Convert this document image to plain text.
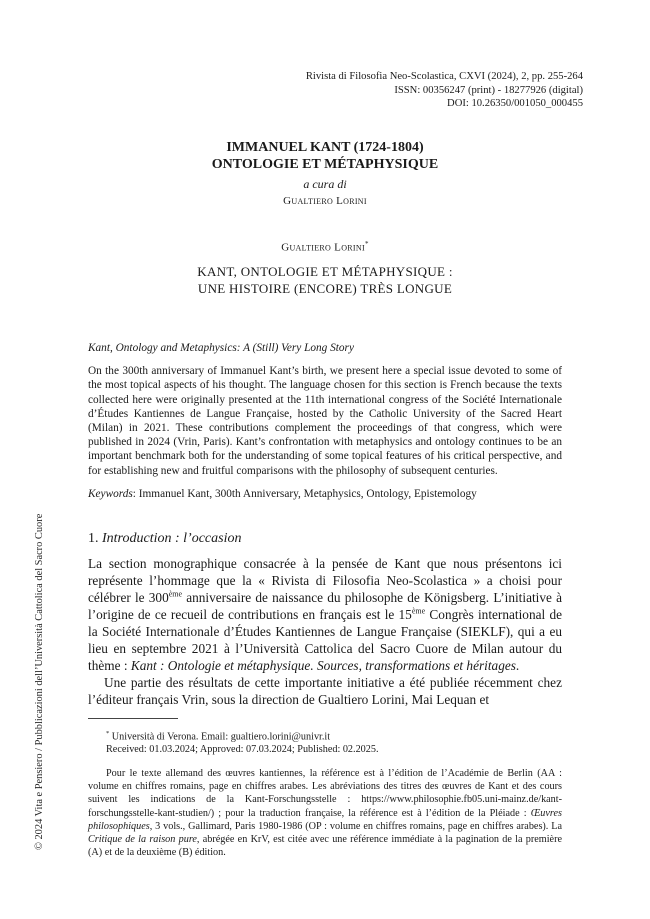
Rivista di Filosofia Neo-Scolastica, CXVI (2024), 2, pp. 255-264
ISSN: 00356247 (print) - 18277926 (digital)
DOI: 10.26350/001050_000455
IMMANUEL KANT (1724-1804)
ONTOLOGIE ET MÉTAPHYSIQUE
a cura di
Gualtiero Lorini
Gualtiero Lorini*
KANT, ONTOLOGIE ET MÉTAPHYSIQUE :
UNE HISTOIRE (ENCORE) TRÈS LONGUE
Kant, Ontology and Metaphysics: A (Still) Very Long Story
On the 300th anniversary of Immanuel Kant’s birth, we present here a special issue devoted to some of the most topical aspects of his thought. The language chosen for this section is French because the texts collected here were originally presented at the 11th international congress of the Société Internationale d’Études Kantiennes de Langue Française, hosted by the Catholic University of the Sacred Heart (Milan) in 2021. These contributions complement the proceedings of that congress, which were published in 2024 (Vrin, Paris). Kant’s confrontation with metaphysics and ontology continues to be an important benchmark both for the understanding of some topical features of his critical perspective, and for establishing new and fruitful comparisons with the philosophy of subsequent centuries.
Keywords: Immanuel Kant, 300th Anniversary, Metaphysics, Ontology, Epistemology
1. Introduction : l’occasion

La section monographique consacrée à la pensée de Kant que nous présentons ici représente l’hommage que la « Rivista di Filosofia Neo-Scolastica » a choisi pour célébrer le 300ème anniversaire de naissance du philosophe de Königsberg. L’initiative à l’origine de ce recueil de contributions en français est le 15ème Congrès international de la Société Internationale d’Études Kantiennes de Langue Française (SIEKLF), qui a eu lieu en septembre 2021 à l’Università Cattolica del Sacro Cuore de Milan autour du thème : Kant : Ontologie et métaphysique. Sources, transformations et héritages.

Une partie des résultats de cette importante initiative a été publiée récemment chez l’éditeur français Vrin, sous la direction de Gualtiero Lorini, Mai Lequan et

* Università di Verona. Email: gualtiero.lorini@univr.it
Received: 01.03.2024; Approved: 07.03.2024; Published: 02.2025.
Pour le texte allemand des œuvres kantiennes, la référence est à l’édition de l’Académie de Berlin (AA : volume en chiffres romains, page en chiffres arabes. Les abréviations des titres des œuvres de Kant et des cours suivent les indications de la Kant-Forschungsstelle : https://www.philosophie.fb05.uni-mainz.de/kant-forschungsstelle-kant-studien/) ; pour la traduction française, la référence est à l’édition de la Pléiade : Œuvres philosophiques, 3 vols., Gallimard, Paris 1980-1986 (OP : volume en chiffres romains, page en chiffres arabes). La Critique de la raison pure, abrégée en KrV, est citée avec une référence immédiate à la pagination de la première (A) et de la deuxième (B) édition.
© 2024 Vita e Pensiero / Pubblicazioni dell’Università Cattolica del Sacro Cuore
